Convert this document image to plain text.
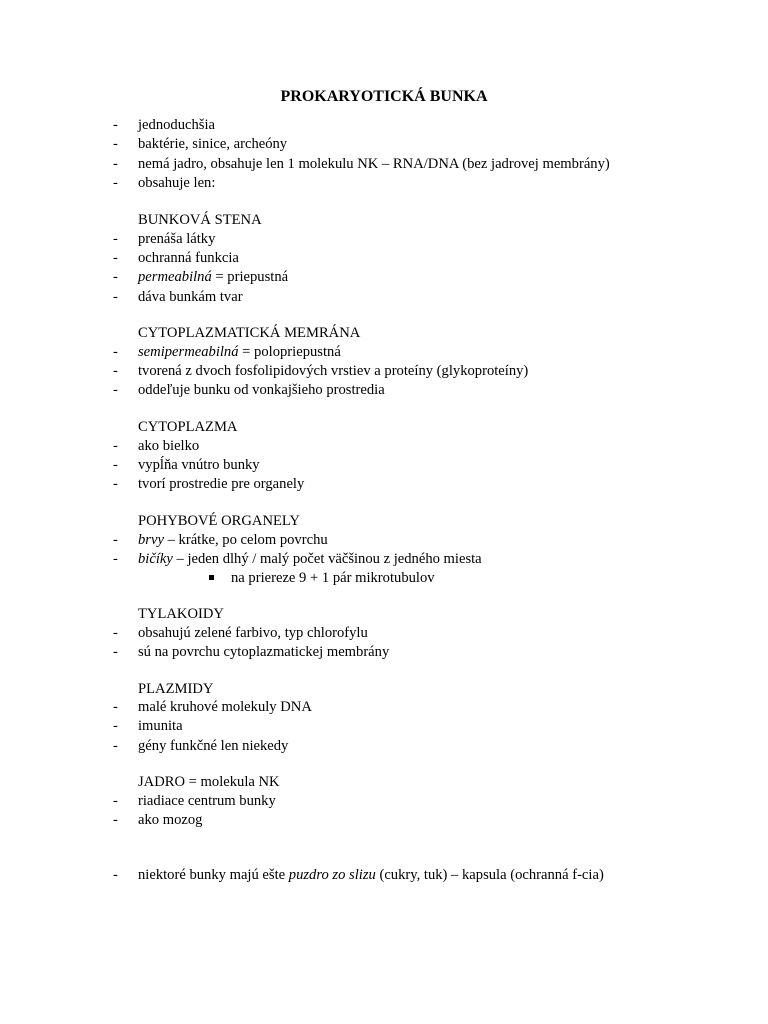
PROKARYOTICKÁ BUNKA
- jednoduchšia
- baktérie, sinice, archeóny
- nemá jadro, obsahuje len 1 molekulu NK – RNA/DNA (bez jadrovej membrány)
- obsahuje len:
BUNKOVÁ STENA
- prenáša látky
- ochranná funkcia
- permeabilná = priepustná
- dáva bunkám tvar
CYTOPLAZMATICKÁ MEMRÁNA
- semipermeabilná = polopriepustná
- tvorená z dvoch fosfolipidových vrstiev a proteíny (glykoproteíny)
- oddeľuje bunku od vonkajšieho prostredia
CYTOPLAZMA
- ako bielko
- vypĺňa vnútro bunky
- tvorí prostredie pre organely
POHYBOVÉ ORGANELY
- brvy – krátke, po celom povrchu
- bičíky – jeden dlhý / malý počet väčšinou z jedného miesta
na priereze 9 + 1 pár mikrotubulov
TYLAKOIDY
- obsahujú zelené farbivo, typ chlorofylu
- sú na povrchu cytoplazmatickej membrány
PLAZMIDY
- malé kruhové molekuly DNA
- imunita
- gény funkčné len niekedy
JADRO = molekula NK
- riadiace centrum bunky
- ako mozog
- niektoré bunky majú ešte puzdro zo slizu (cukry, tuk) – kapsula (ochranná f-cia)
